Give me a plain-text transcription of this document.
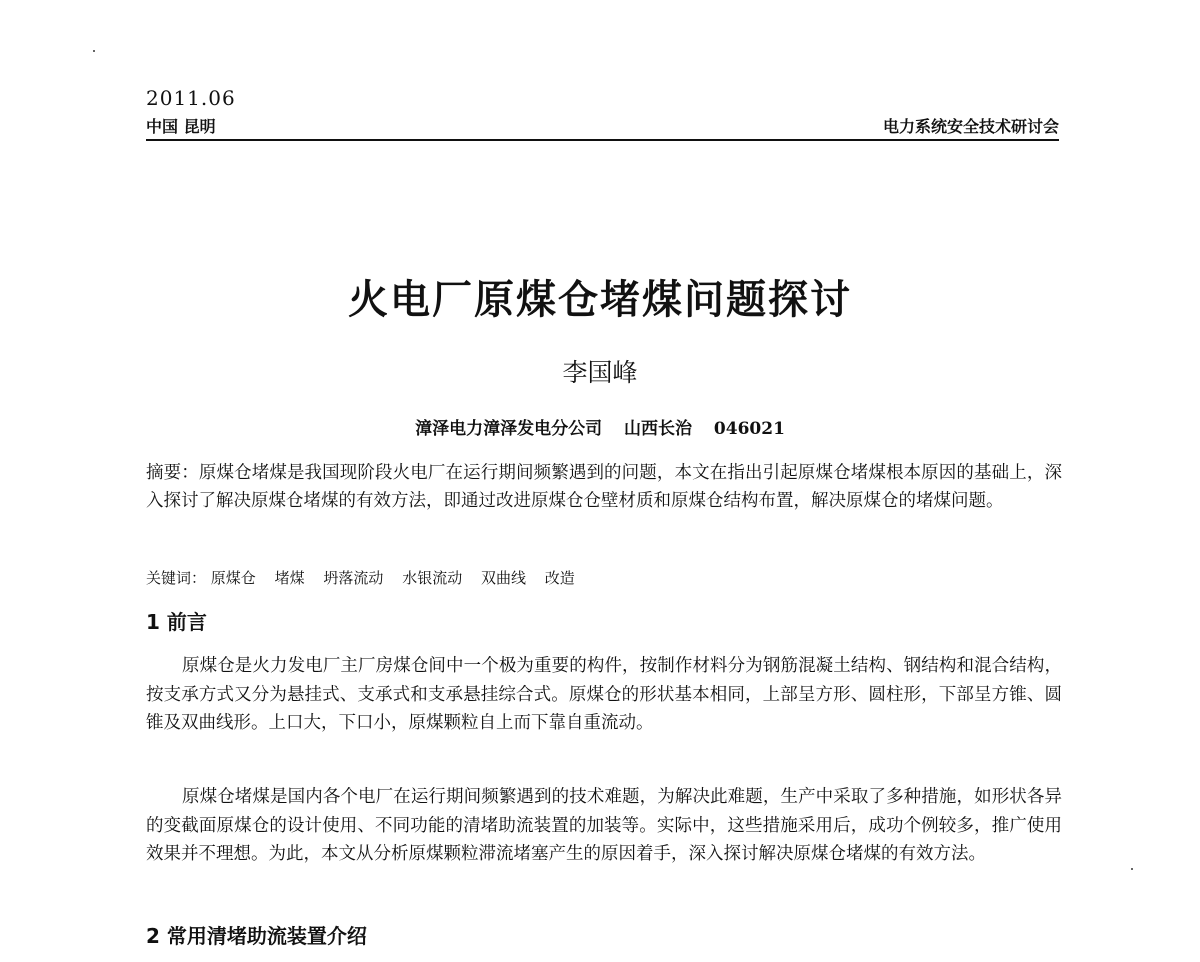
2011.06
中国 昆明	电力系统安全技术研讨会
火电厂原煤仓堵煤问题探讨
李国峰
漳泽电力漳泽发电分公司 山西长治 046021
摘要：原煤仓堵煤是我国现阶段火电厂在运行期间频繁遇到的问题，本文在指出引起原煤仓堵煤根本原因的基础上，深入探讨了解决原煤仓堵煤的有效方法，即通过改进原煤仓仓壁材质和原煤仓结构布置，解决原煤仓的堵煤问题。
关键词： 原煤仓 堵煤 坍落流动 水银流动 双曲线 改造
1 前言
原煤仓是火力发电厂主厂房煤仓间中一个极为重要的构件，按制作材料分为钢筋混凝土结构、钢结构和混合结构，按支承方式又分为悬挂式、支承式和支承悬挂综合式。原煤仓的形状基本相同，上部呈方形、圆柱形，下部呈方锥、圆锥及双曲线形。上口大，下口小，原煤颗粒自上而下靠自重流动。
原煤仓堵煤是国内各个电厂在运行期间频繁遇到的技术难题，为解决此难题，生产中采取了多种措施，如形状各异的变截面原煤仓的设计使用、不同功能的清堵助流装置的加装等。实际中，这些措施采用后，成功个例较多，推广使用效果并不理想。为此，本文从分析原煤颗粒滞流堵塞产生的原因着手，深入探讨解决原煤仓堵煤的有效方法。
2 常用清堵助流装置介绍
